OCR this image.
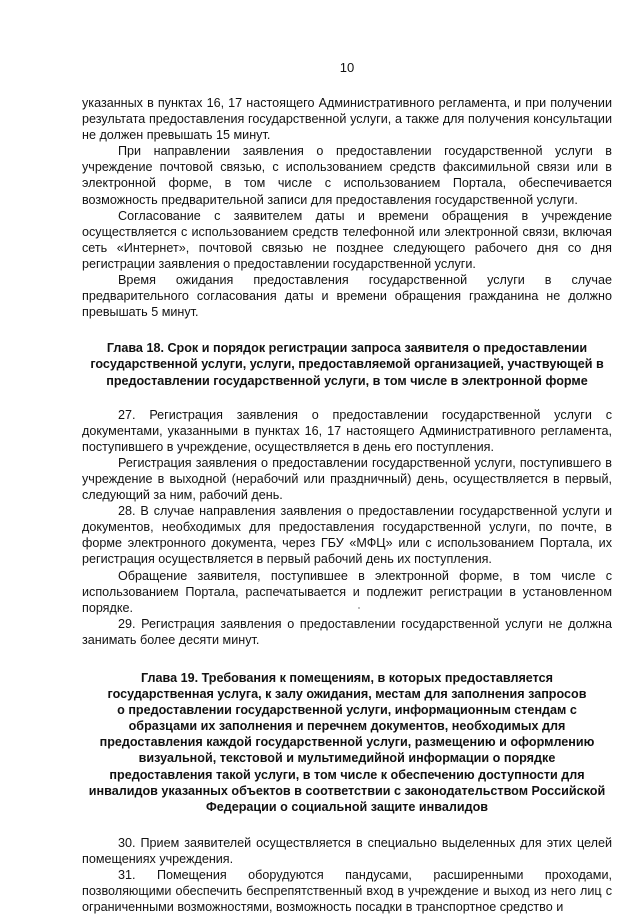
10

указанных в пунктах 16, 17 настоящего Административного регламента, и при получении результата предоставления государственной услуги, а также для получения консультации не должен превышать 15 минут.

При направлении заявления о предоставлении государственной услуги в учреждение почтовой связью, с использованием средств факсимильной связи или в электронной форме, в том числе с использованием Портала, обеспечивается возможность предварительной записи для предоставления государственной услуги.

Согласование с заявителем даты и времени обращения в учреждение осуществляется с использованием средств телефонной или электронной связи, включая сеть «Интернет», почтовой связью не позднее следующего рабочего дня со дня регистрации заявления о предоставлении государственной услуги.

Время ожидания предоставления государственной услуги в случае предварительного согласования даты и времени обращения гражданина не должно превышать 5 минут.

Глава 18. Срок и порядок регистрации запроса заявителя о предоставлении государственной услуги, услуги, предоставляемой организацией, участвующей в предоставлении государственной услуги, в том числе в электронной форме

27. Регистрация заявления о предоставлении государственной услуги с документами, указанными в пунктах 16, 17 настоящего Административного регламента, поступившего в учреждение, осуществляется в день его поступления.

Регистрация заявления о предоставлении государственной услуги, поступившего в учреждение в выходной (нерабочий или праздничный) день, осуществляется в первый, следующий за ним, рабочий день.

28. В случае направления заявления о предоставлении государственной услуги и документов, необходимых для предоставления государственной услуги, по почте, в форме электронного документа, через ГБУ «МФЦ» или с использованием Портала, их регистрация осуществляется в первый рабочий день их поступления.

Обращение заявителя, поступившее в электронной форме, в том числе с использованием Портала, распечатывается и подлежит регистрации в установленном порядке.

29. Регистрация заявления о предоставлении государственной услуги не должна занимать более десяти минут.

Глава 19. Требования к помещениям, в которых предоставляется
государственная услуга, к залу ожидания, местам для заполнения запросов
о предоставлении государственной услуги, информационным стендам с
образцами их заполнения и перечнем документов, необходимых для
предоставления каждой государственной услуги, размещению и оформлению
визуальной, текстовой и мультимедийной информации о порядке
предоставления такой услуги, в том числе к обеспечению доступности для
инвалидов указанных объектов в соответствии с законодательством Российской
Федерации о социальной защите инвалидов

30. Прием заявителей осуществляется в специально выделенных для этих целей помещениях учреждения.

31. Помещения оборудуются пандусами, расширенными проходами, позволяющими обеспечить беспрепятственный вход в учреждение и выход из него лиц с ограниченными возможностями, возможность посадки в транспортное средство и
